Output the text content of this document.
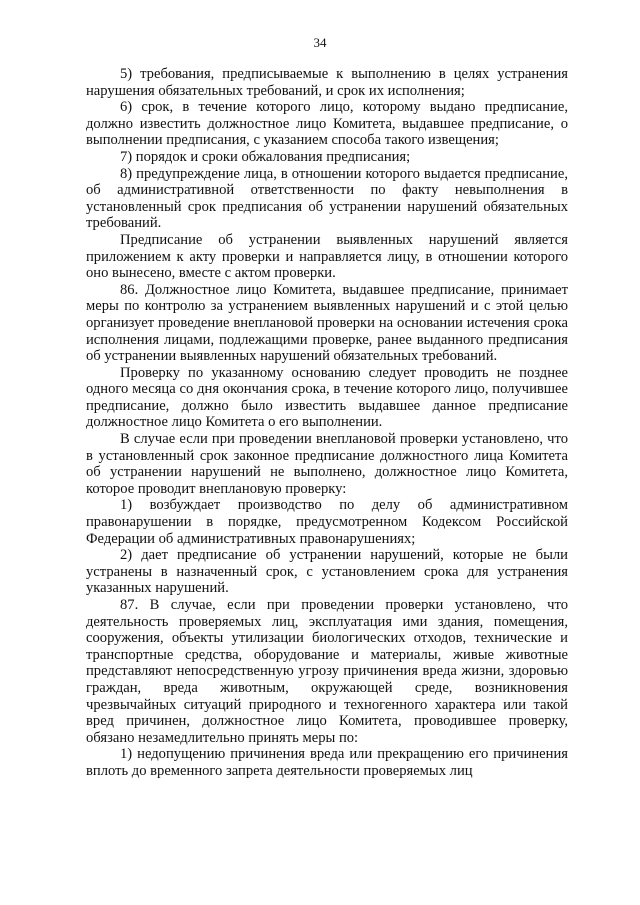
34

5) требования, предписываемые к выполнению в целях устранения нарушения обязательных требований, и срок их исполнения;

6) срок, в течение которого лицо, которому выдано предписание, должно известить должностное лицо Комитета, выдавшее предписание, о выполнении предписания, с указанием способа такого извещения;

7) порядок и сроки обжалования предписания;

8) предупреждение лица, в отношении которого выдается предписание, об административной ответственности по факту невыполнения в установленный срок предписания об устранении нарушений обязательных требований.

Предписание об устранении выявленных нарушений является приложением к акту проверки и направляется лицу, в отношении которого оно вынесено, вместе с актом проверки.

86. Должностное лицо Комитета, выдавшее предписание, принимает меры по контролю за устранением выявленных нарушений и с этой целью организует проведение внеплановой проверки на основании истечения срока исполнения лицами, подлежащими проверке, ранее выданного предписания об устранении выявленных нарушений обязательных требований.

Проверку по указанному основанию следует проводить не позднее одного месяца со дня окончания срока, в течение которого лицо, получившее предписание, должно было известить выдавшее данное предписание должностное лицо Комитета о его выполнении.

В случае если при проведении внеплановой проверки установлено, что в установленный срок законное предписание должностного лица Комитета об устранении нарушений не выполнено, должностное лицо Комитета, которое проводит внеплановую проверку:

1) возбуждает производство по делу об административном правонарушении в порядке, предусмотренном Кодексом Российской Федерации об административных правонарушениях;

2) дает предписание об устранении нарушений, которые не были устранены в назначенный срок, с установлением срока для устранения указанных нарушений.

87. В случае, если при проведении проверки установлено, что деятельность проверяемых лиц, эксплуатация ими здания, помещения, сооружения, объекты утилизации биологических отходов, технические и транспортные средства, оборудование и материалы, живые животные представляют непосредственную угрозу причинения вреда жизни, здоровью граждан, вреда животным, окружающей среде, возникновения чрезвычайных ситуаций природного и техногенного характера или такой вред причинен, должностное лицо Комитета, проводившее проверку, обязано незамедлительно принять меры по:

1) недопущению причинения вреда или прекращению его причинения вплоть до временного запрета деятельности проверяемых лиц
